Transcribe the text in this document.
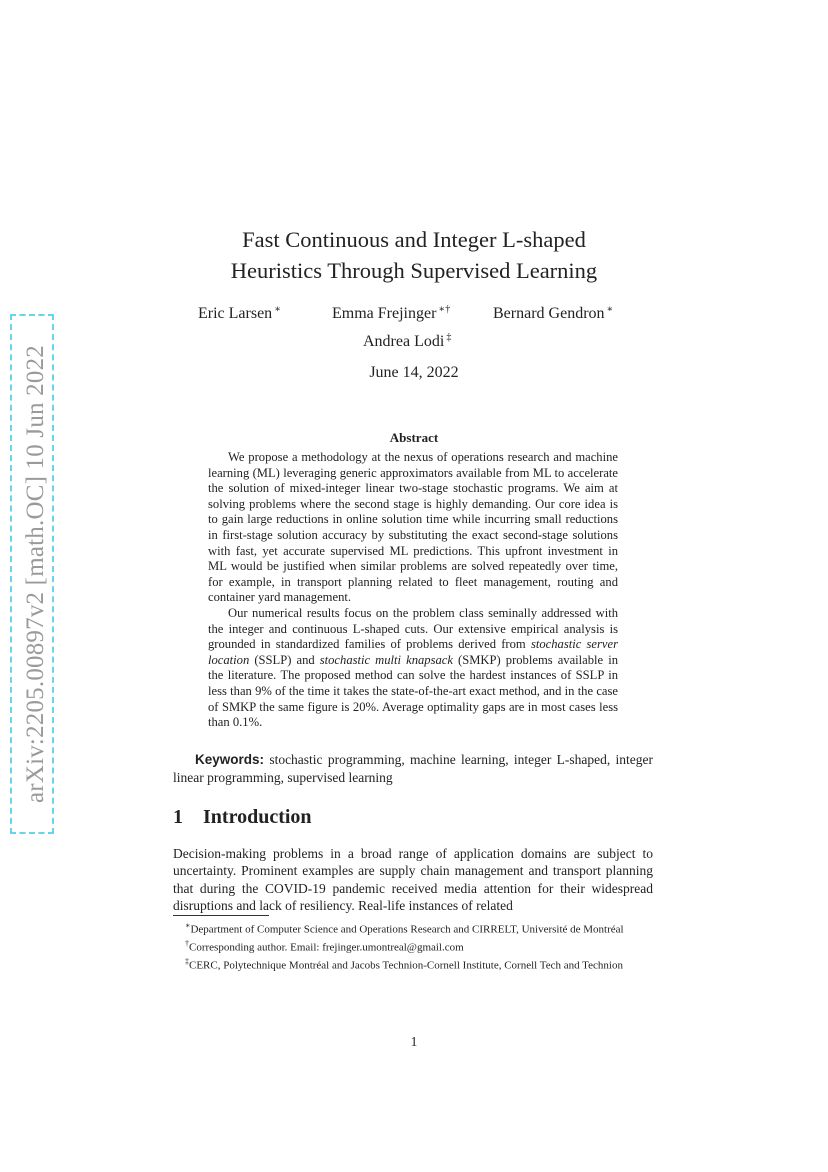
arXiv:2205.00897v2 [math.OC] 10 Jun 2022
Fast Continuous and Integer L-shaped
Heuristics Through Supervised Learning
Eric Larsen ∗	Emma Frejinger ∗†	Bernard Gendron ∗
Andrea Lodi ‡
June 14, 2022
Abstract

We propose a methodology at the nexus of operations research and machine learning (ML) leveraging generic approximators available from ML to accelerate the solution of mixed-integer linear two-stage stochastic programs. We aim at solving problems where the second stage is highly demanding. Our core idea is to gain large reductions in online solution time while incurring small reductions in first-stage solution accuracy by substituting the exact second-stage solutions with fast, yet accurate supervised ML predictions. This upfront investment in ML would be justified when similar problems are solved repeatedly over time, for example, in transport planning related to fleet management, routing and container yard management.

Our numerical results focus on the problem class seminally addressed with the integer and continuous L-shaped cuts. Our extensive empirical analysis is grounded in standardized families of problems derived from stochastic server location (SSLP) and stochastic multi knapsack (SMKP) problems available in the literature. The proposed method can solve the hardest instances of SSLP in less than 9% of the time it takes the state-of-the-art exact method, and in the case of SMKP the same figure is 20%. Average optimality gaps are in most cases less than 0.1%.

Keywords: stochastic programming, machine learning, integer L-shaped, integer linear programming, supervised learning
1 Introduction

Decision-making problems in a broad range of application domains are subject to uncertainty. Prominent examples are supply chain management and transport planning that during the COVID-19 pandemic received media attention for their widespread disruptions and lack of resiliency. Real-life instances of related

∗Department of Computer Science and Operations Research and CIRRELT, Université de Montréal

†Corresponding author. Email: frejinger.umontreal@gmail.com

‡CERC, Polytechnique Montréal and Jacobs Technion-Cornell Institute, Cornell Tech and Technion

1
